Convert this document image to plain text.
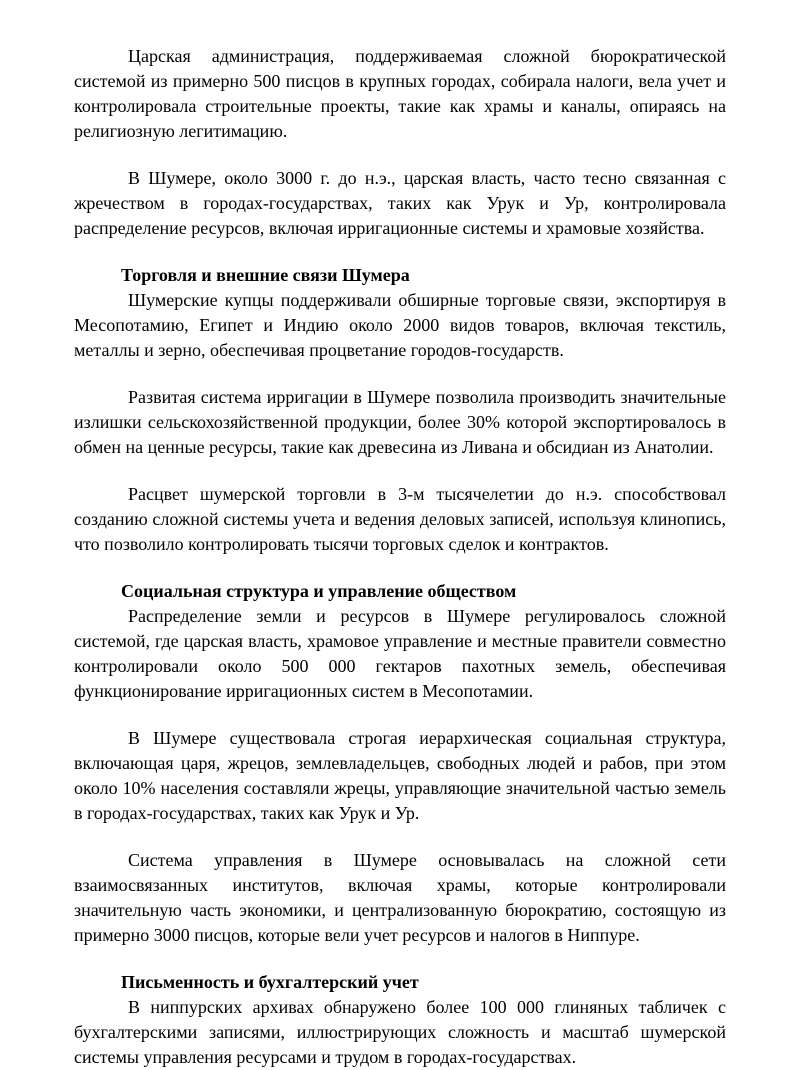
Царская администрация, поддерживаемая сложной бюрократической системой из примерно 500 писцов в крупных городах, собирала налоги, вела учет и контролировала строительные проекты, такие как храмы и каналы, опираясь на религиозную легитимацию.

В Шумере, около 3000 г. до н.э., царская власть, часто тесно связанная с жречеством в городах-государствах, таких как Урук и Ур, контролировала распределение ресурсов, включая ирригационные системы и храмовые хозяйства.

Торговля и внешние связи Шумера

Шумерские купцы поддерживали обширные торговые связи, экспортируя в Месопотамию, Египет и Индию около 2000 видов товаров, включая текстиль, металлы и зерно, обеспечивая процветание городов-государств.

Развитая система ирригации в Шумере позволила производить значительные излишки сельскохозяйственной продукции, более 30% которой экспортировалось в обмен на ценные ресурсы, такие как древесина из Ливана и обсидиан из Анатолии.

Расцвет шумерской торговли в 3-м тысячелетии до н.э. способствовал созданию сложной системы учета и ведения деловых записей, используя клинопись, что позволило контролировать тысячи торговых сделок и контрактов.

Социальная структура и управление обществом

Распределение земли и ресурсов в Шумере регулировалось сложной системой, где царская власть, храмовое управление и местные правители совместно контролировали около 500 000 гектаров пахотных земель, обеспечивая функционирование ирригационных систем в Месопотамии.

В Шумере существовала строгая иерархическая социальная структура, включающая царя, жрецов, землевладельцев, свободных людей и рабов, при этом около 10% населения составляли жрецы, управляющие значительной частью земель в городах-государствах, таких как Урук и Ур.

Система управления в Шумере основывалась на сложной сети взаимосвязанных институтов, включая храмы, которые контролировали значительную часть экономики, и централизованную бюрократию, состоящую из примерно 3000 писцов, которые вели учет ресурсов и налогов в Ниппуре.

Письменность и бухгалтерский учет

В ниппурских архивах обнаружено более 100 000 глиняных табличек с бухгалтерскими записями, иллюстрирующих сложность и масштаб шумерской системы управления ресурсами и трудом в городах-государствах.
